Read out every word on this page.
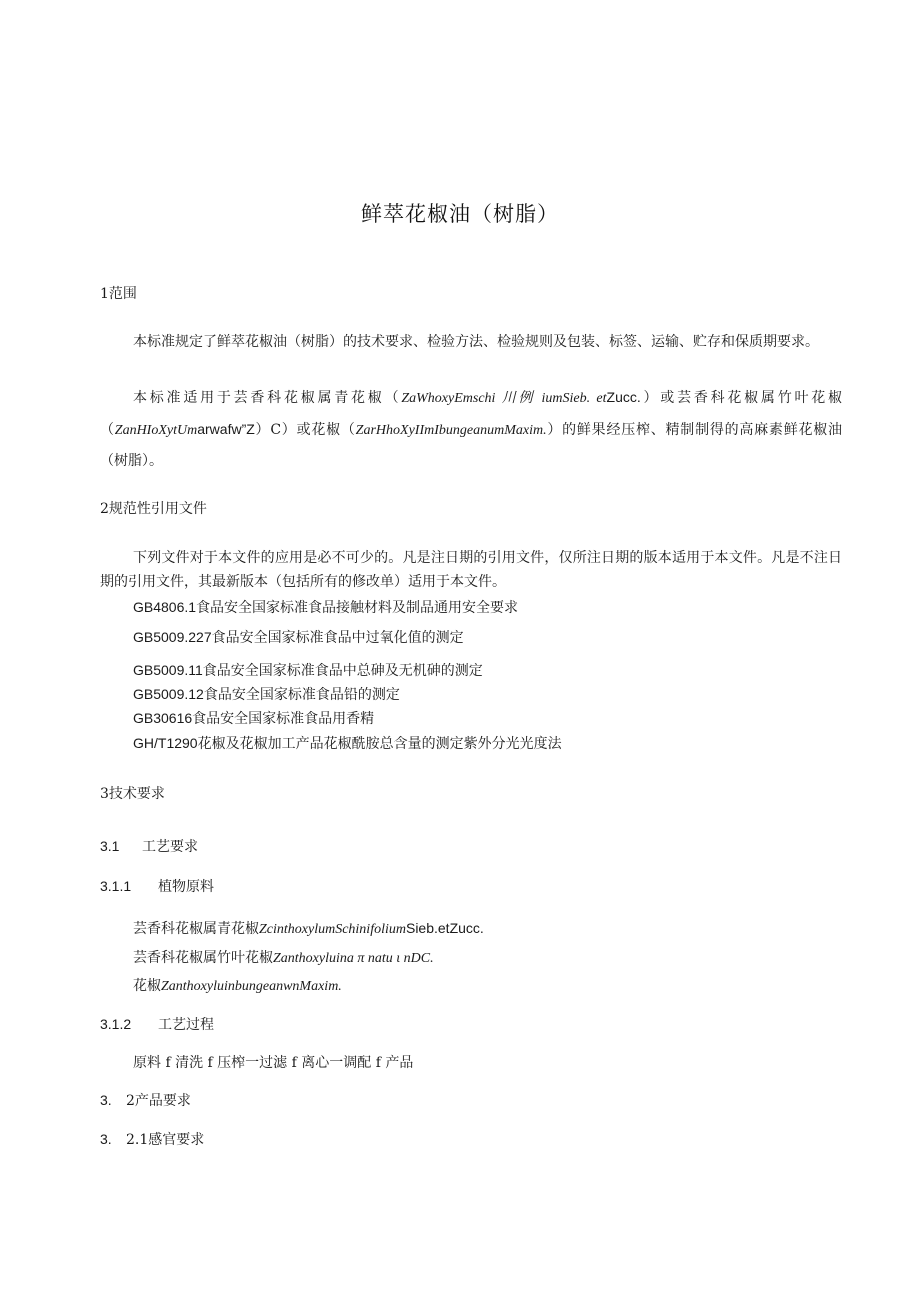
鲜萃花椒油（树脂）
1范围
本标准规定了鲜萃花椒油（树脂）的技术要求、检验方法、检验规则及包装、标签、运输、贮存和保质期要求。
本标准适用于芸香科花椒属青花椒（ZaWhoxyEmschi 川例 iumSieb. etZucc.）或芸香科花椒属竹叶花椒（ZanHIoXytUmarwafw”Z）C）或花椒（ZarHhoXyIImIbungeanumMaxim.）的鲜果经压榨、精制制得的高麻素鲜花椒油（树脂）。
2规范性引用文件
下列文件对于本文件的应用是必不可少的。凡是注日期的引用文件，仅所注日期的版本适用于本文件。凡是不注日期的引用文件，其最新版本（包括所有的修改单）适用于本文件。
GB4806.1食品安全国家标准食品接触材料及制品通用安全要求
GB5009.227食品安全国家标准食品中过氧化值的测定
GB5009.11食品安全国家标准食品中总砷及无机砷的测定
GB5009.12食品安全国家标准食品铅的测定
GB30616食品安全国家标准食品用香精
GH/T1290花椒及花椒加工产品花椒酰胺总含量的测定紫外分光光度法
3技术要求
3.1 工艺要求
3.1.1 植物原料
芸香科花椒属青花椒ZcinthoxylumSchinifoliumSieb.etZucc.
芸香科花椒属竹叶花椒Zanthoxyluina π natu ι nDC.
花椒ZanthoxyluinbungeanwnMaxim.
3.1.2 工艺过程
原料 f 清洗 f 压榨一过滤 f 离心一调配 f 产品
3. 2产品要求
3. 2.1感官要求
